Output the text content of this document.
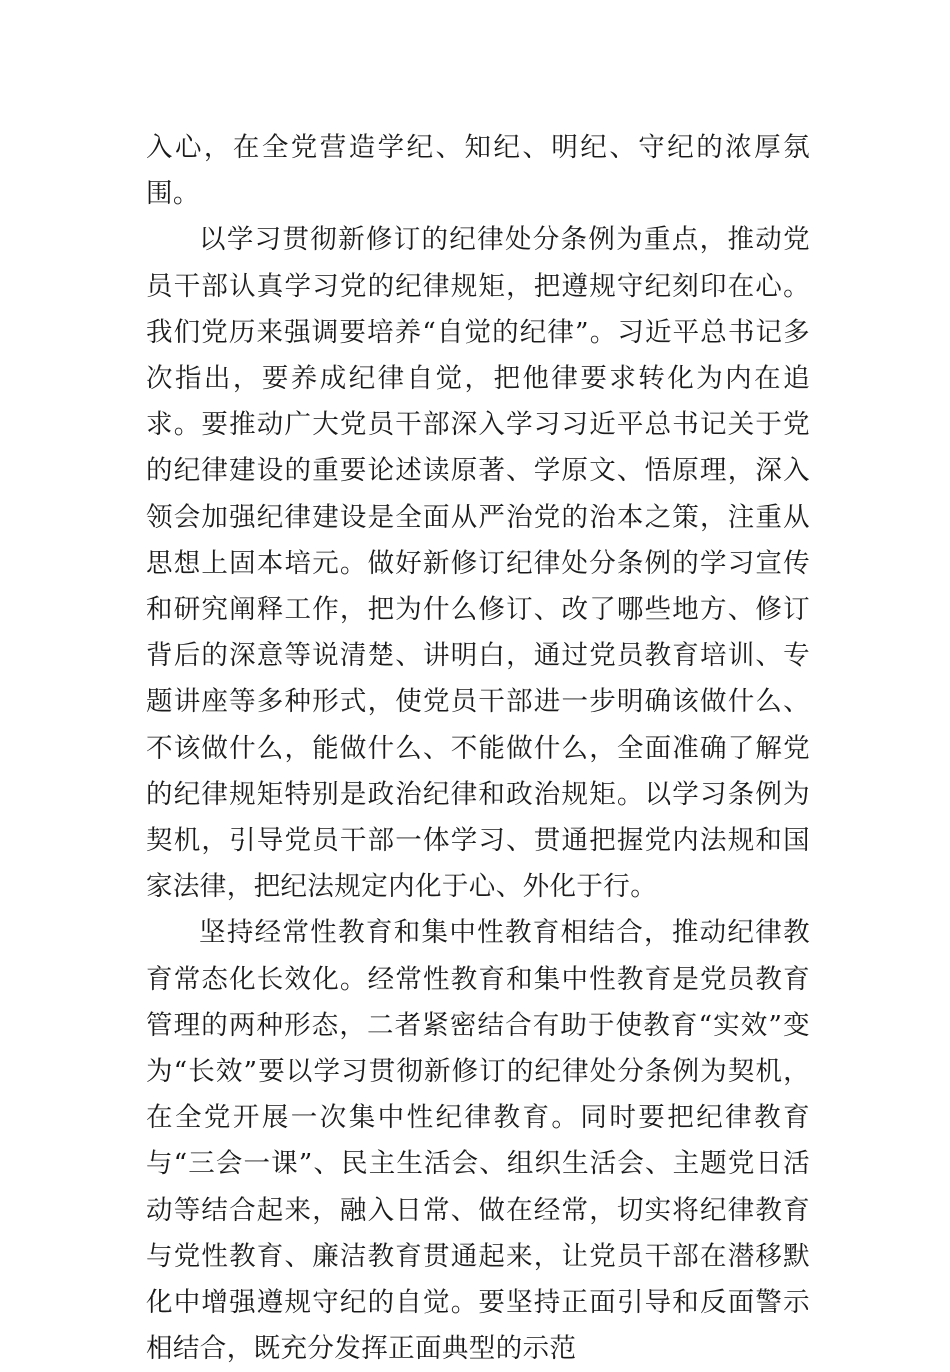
入心，在全党营造学纪、知纪、明纪、守纪的浓厚氛围。

以学习贯彻新修订的纪律处分条例为重点，推动党员干部认真学习党的纪律规矩，把遵规守纪刻印在心。我们党历来强调要培养“自觉的纪律”。习近平总书记多次指出，要养成纪律自觉，把他律要求转化为内在追求。要推动广大党员干部深入学习习近平总书记关于党的纪律建设的重要论述读原著、学原文、悟原理，深入领会加强纪律建设是全面从严治党的治本之策，注重从思想上固本培元。做好新修订纪律处分条例的学习宣传和研究阐释工作，把为什么修订、改了哪些地方、修订背后的深意等说清楚、讲明白，通过党员教育培训、专题讲座等多种形式，使党员干部进一步明确该做什么、不该做什么，能做什么、不能做什么，全面准确了解党的纪律规矩特别是政治纪律和政治规矩。以学习条例为契机，引导党员干部一体学习、贯通把握党内法规和国家法律，把纪法规定内化于心、外化于行。

坚持经常性教育和集中性教育相结合，推动纪律教育常态化长效化。经常性教育和集中性教育是党员教育管理的两种形态，二者紧密结合有助于使教育“实效”变为“长效”要以学习贯彻新修订的纪律处分条例为契机，在全党开展一次集中性纪律教育。同时要把纪律教育与“三会一课”、民主生活会、组织生活会、主题党日活动等结合起来，融入日常、做在经常，切实将纪律教育与党性教育、廉洁教育贯通起来，让党员干部在潜移默化中增强遵规守纪的自觉。要坚持正面引导和反面警示相结合，既充分发挥正面典型的示范
